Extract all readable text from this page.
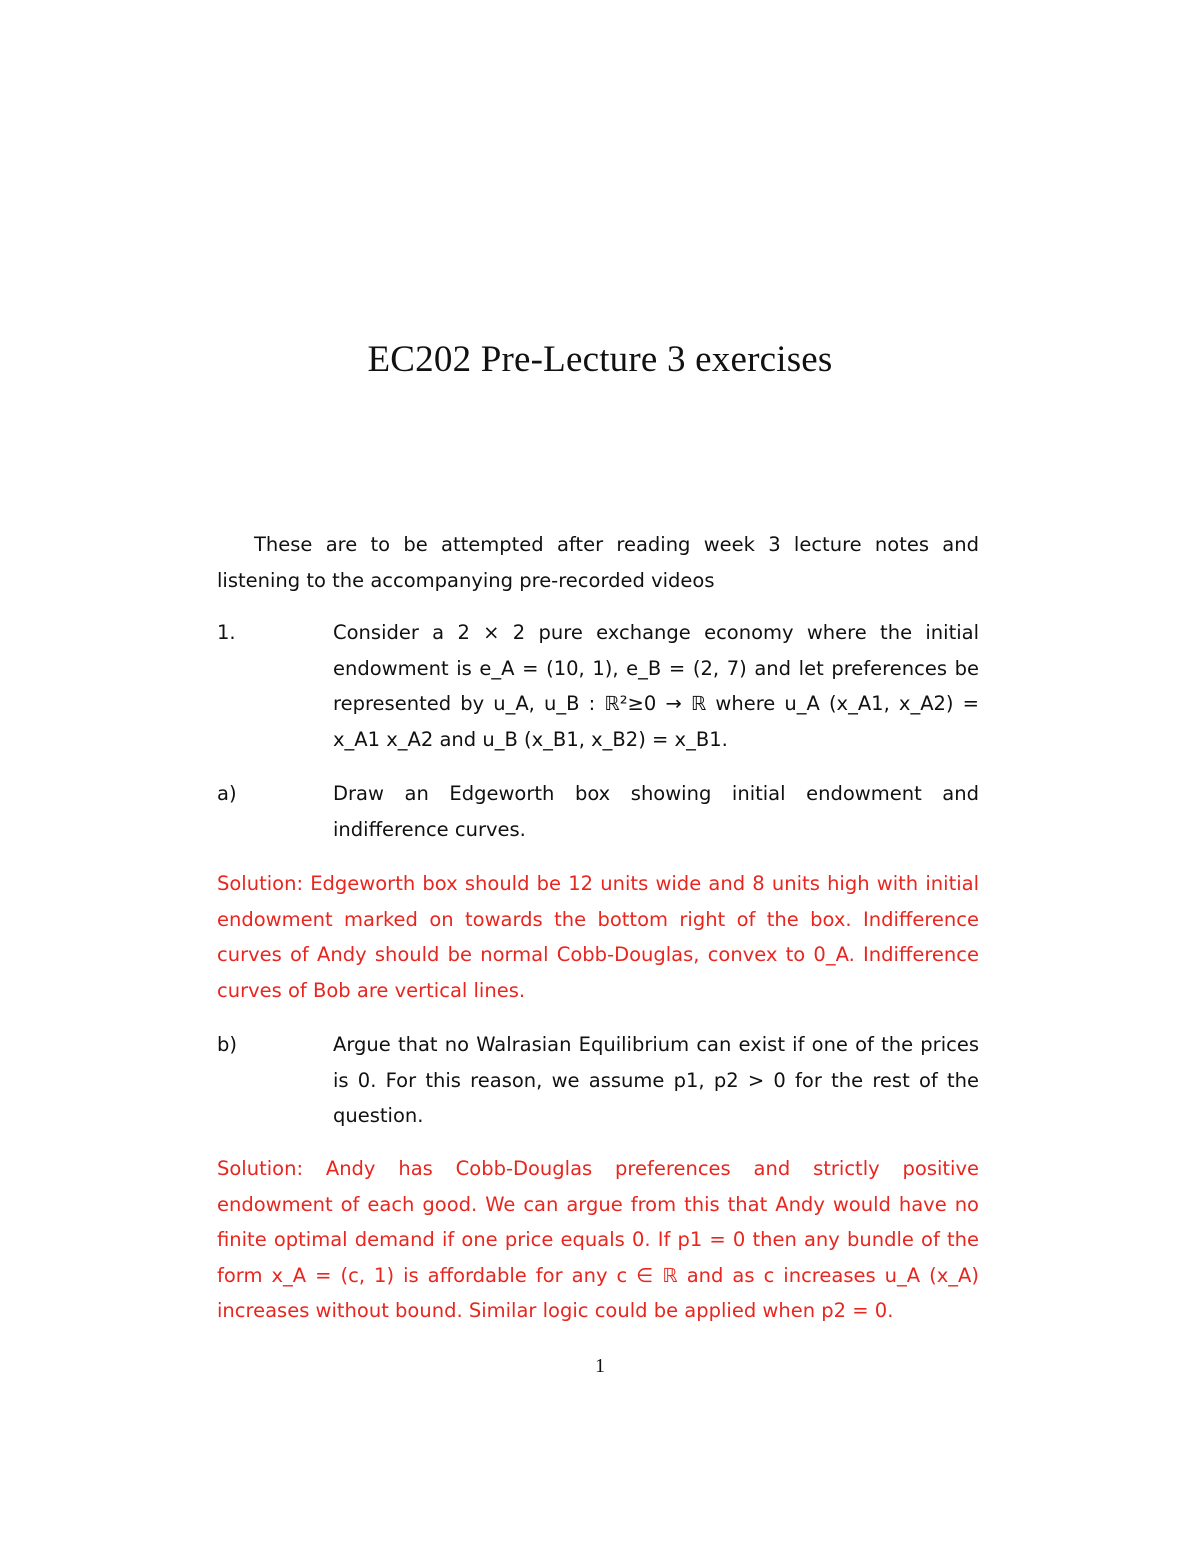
EC202 Pre-Lecture 3 exercises

These are to be attempted after reading week 3 lecture notes and listening to the accompanying pre-recorded videos

1.	Consider a 2 × 2 pure exchange economy where the initial endowment is e_A = (10, 1), e_B = (2, 7) and let preferences be represented by u_A, u_B : ℝ²≥0 → ℝ where u_A (x_A1, x_A2) = x_A1 x_A2 and u_B (x_B1, x_B2) = x_B1.
a)	Draw an Edgeworth box showing initial endowment and indifference curves.

Solution: Edgeworth box should be 12 units wide and 8 units high with initial endowment marked on towards the bottom right of the box. Indifference curves of Andy should be normal Cobb-Douglas, convex to 0_A. Indifference curves of Bob are vertical lines.

b)	Argue that no Walrasian Equilibrium can exist if one of the prices is 0. For this reason, we assume p1, p2 > 0 for the rest of the question.

Solution: Andy has Cobb-Douglas preferences and strictly positive endowment of each good. We can argue from this that Andy would have no finite optimal demand if one price equals 0. If p1 = 0 then any bundle of the form x_A = (c, 1) is affordable for any c ∈ ℝ and as c increases u_A (x_A) increases without bound. Similar logic could be applied when p2 = 0.

1
